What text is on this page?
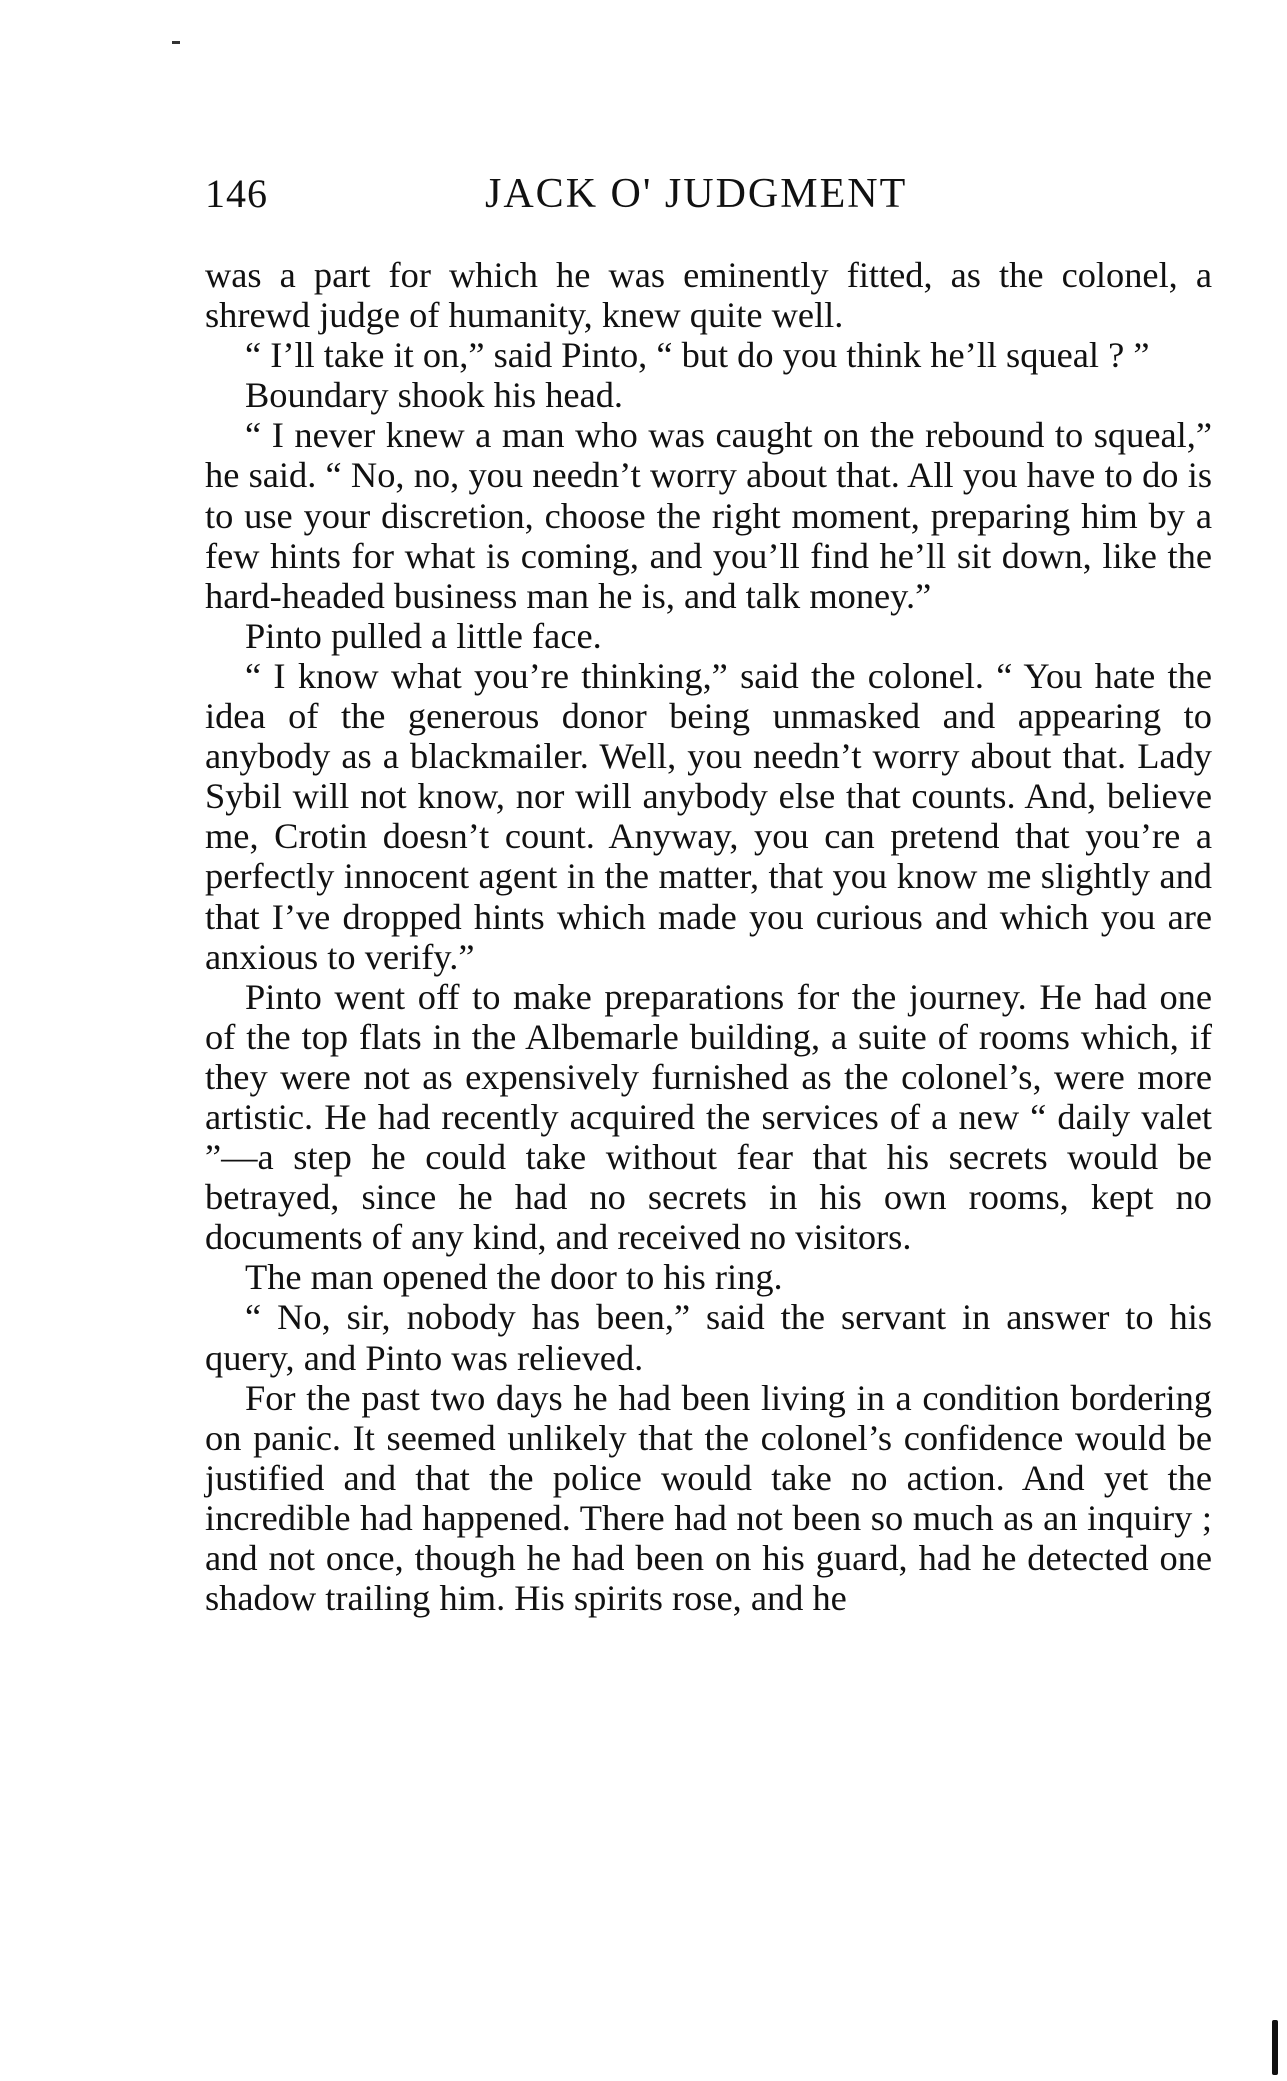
146	JACK O' JUDGMENT

was a part for which he was eminently fitted, as the colonel, a shrewd judge of humanity, knew quite well.

“ I’ll take it on,” said Pinto, “ but do you think he’ll squeal ? ”

Boundary shook his head.

“ I never knew a man who was caught on the rebound to squeal,” he said. “ No, no, you needn’t worry about that. All you have to do is to use your discretion, choose the right moment, preparing him by a few hints for what is coming, and you’ll find he’ll sit down, like the hard-headed business man he is, and talk money.”

Pinto pulled a little face.

“ I know what you’re thinking,” said the colonel. “ You hate the idea of the generous donor being unmasked and appearing to anybody as a blackmailer. Well, you needn’t worry about that. Lady Sybil will not know, nor will anybody else that counts. And, believe me, Crotin doesn’t count. Anyway, you can pretend that you’re a perfectly innocent agent in the matter, that you know me slightly and that I’ve dropped hints which made you curious and which you are anxious to verify.”

Pinto went off to make preparations for the journey. He had one of the top flats in the Albemarle building, a suite of rooms which, if they were not as expensively furnished as the colonel’s, were more artistic. He had recently acquired the services of a new “ daily valet ”—a step he could take without fear that his secrets would be betrayed, since he had no secrets in his own rooms, kept no documents of any kind, and received no visitors.

The man opened the door to his ring.

“ No, sir, nobody has been,” said the servant in answer to his query, and Pinto was relieved.

For the past two days he had been living in a condition bordering on panic. It seemed unlikely that the colonel’s confidence would be justified and that the police would take no action. And yet the incredible had happened. There had not been so much as an inquiry ; and not once, though he had been on his guard, had he detected one shadow trailing him. His spirits rose, and he
